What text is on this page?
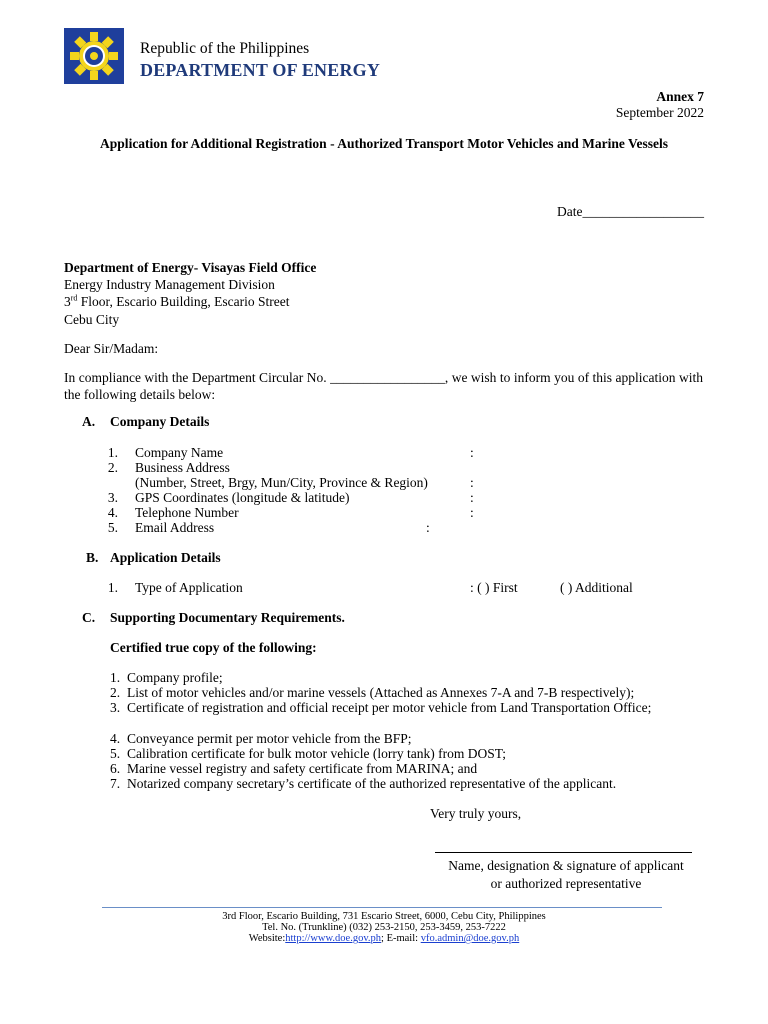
Republic of the Philippines
DEPARTMENT OF ENERGY
Annex 7
September 2022
Application for Additional Registration - Authorized Transport Motor Vehicles and Marine Vessels
Date__________________
Department of Energy- Visayas Field Office
Energy Industry Management Division
3rd Floor, Escario Building, Escario Street
Cebu City
Dear Sir/Madam:
In compliance with the Department Circular No. _________________, we wish to inform you of this application with the following details below:
A. Company Details
1. Company Name	:
2. Business Address
(Number, Street, Brgy, Mun/City, Province & Region)	:
3. GPS Coordinates (longitude & latitude)	:
4. Telephone Number	:
5. Email Address	:
B. Application Details
1. Type of Application	: ( ) First	( ) Additional
C. Supporting Documentary Requirements.
Certified true copy of the following:
1. Company profile;
2. List of motor vehicles and/or marine vessels (Attached as Annexes 7-A and 7-B respectively);
3. Certificate of registration and official receipt per motor vehicle from Land Transportation Office;
4. Conveyance permit per motor vehicle from the BFP;
5. Calibration certificate for bulk motor vehicle (lorry tank) from DOST;
6. Marine vessel registry and safety certificate from MARINA; and
7. Notarized company secretary’s certificate of the authorized representative of the applicant.
Very truly yours,
Name, designation & signature of applicant
or authorized representative
3rd Floor, Escario Building, 731 Escario Street, 6000, Cebu City, Philippines
Tel. No. (Trunkline) (032) 253-2150, 253-3459, 253-7222
Website:http://www.doe.gov.ph; E-mail: vfo.admin@doe.gov.ph
